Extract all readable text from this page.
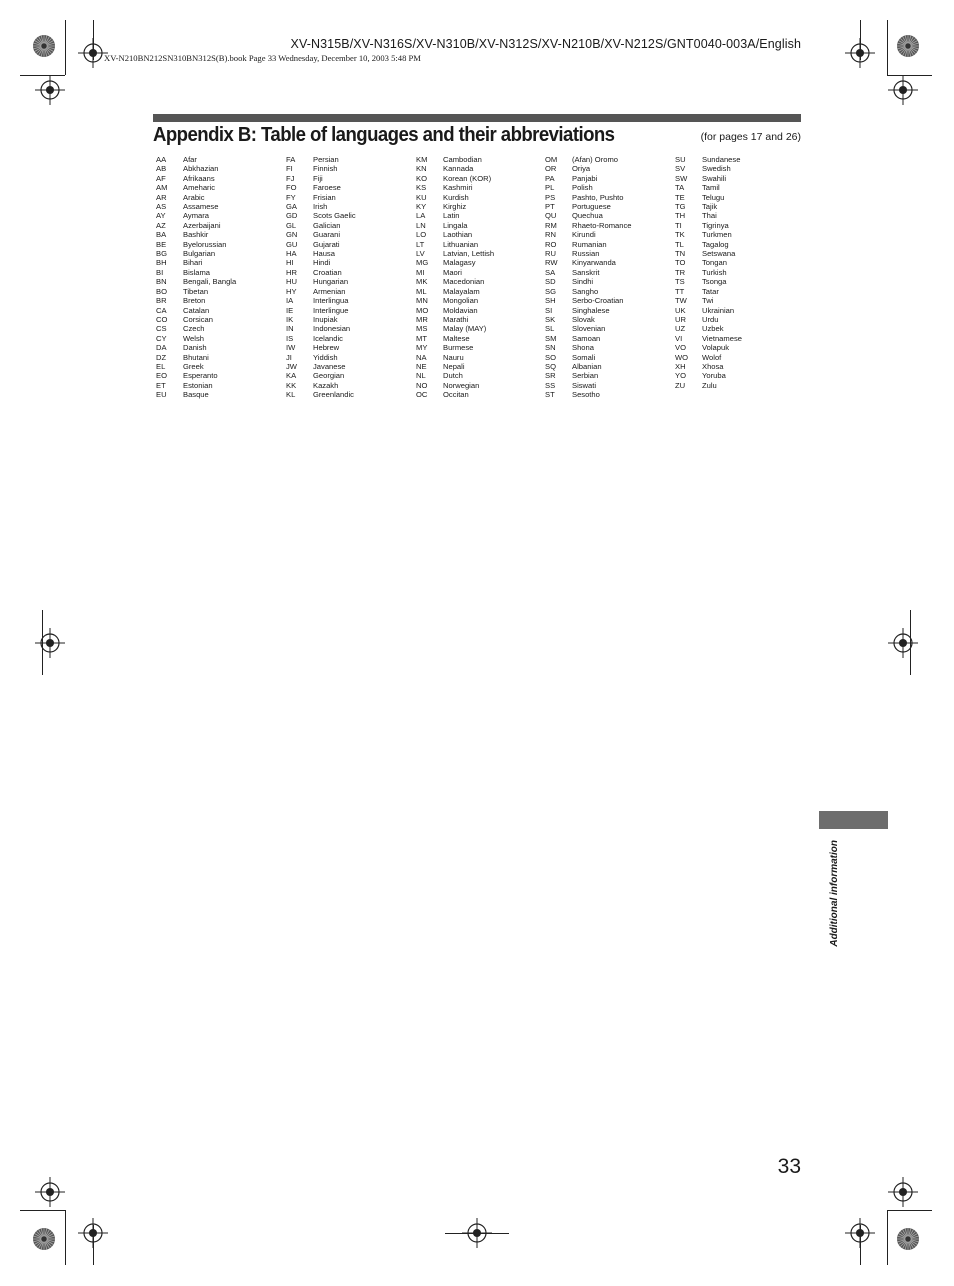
XV-N315B/XV-N316S/XV-N310B/XV-N312S/XV-N210B/XV-N212S/GNT0040-003A/English
XV-N210BN212SN310BN312S(B).book Page 33 Wednesday, December 10, 2003 5:48 PM
Appendix B: Table of languages and their abbreviations	(for pages 17 and 26)
AA Afar
AB Abkhazian
AF Afrikaans
AM Ameharic
AR Arabic
AS Assamese
AY Aymara
AZ Azerbaijani
BA Bashkir
BE Byelorussian
BG Bulgarian
BH Bihari
BI	Bislama
BN Bengali, Bangla
BO Tibetan
BR Breton
CA Catalan
CO Corsican
CS Czech
CY Welsh
DA Danish
DZ Bhutani
EL Greek
EO Esperanto
ET Estonian
EU Basque
FA Persian
FI	Finnish
FJ Fiji
FO Faroese
FY Frisian
GA Irish
GD Scots Gaelic
GL Galician
GN Guarani
GU Gujarati
HA Hausa
HI	Hindi
HR Croatian
HU Hungarian
HY Armenian
IA	Interlingua
IE	Interlingue
IK	Inupiak
IN	Indonesian
IS	Icelandic
IW Hebrew
JI	Yiddish
JW Javanese
KA Georgian
KK Kazakh
KL Greenlandic
KM Cambodian
KN Kannada
KO Korean (KOR)
KS Kashmiri
KU Kurdish
KY Kirghiz
LA Latin
LN Lingala
LO Laothian
LT Lithuanian
LV Latvian, Lettish
MG Malagasy
MI Maori
MK Macedonian
ML Malayalam
MN Mongolian
MO Moldavian
MR Marathi
MS Malay (MAY)
MT Maltese
MY Burmese
NA Nauru
NE Nepali
NL Dutch
NO Norwegian
OC Occitan
OM (Afan) Oromo
OR Oriya
PA Panjabi
PL Polish
PS Pashto, Pushto
PT Portuguese
QU Quechua
RM Rhaeto-Romance
RN Kirundi
RO Rumanian
RU Russian
RW Kinyarwanda
SA Sanskrit
SD Sindhi
SG Sangho
SH Serbo-Croatian
SI	Singhalese
SK Slovak
SL Slovenian
SM Samoan
SN Shona
SO Somali
SQ Albanian
SR Serbian
SS Siswati
ST Sesotho
SU Sundanese
SV Swedish
SW Swahili
TA Tamil
TE Telugu
TG Tajik
TH Thai
TI	Tigrinya
TK Turkmen
TL Tagalog
TN Setswana
TO Tongan
TR Turkish
TS Tsonga
TT Tatar
TW Twi
UK Ukrainian
UR Urdu
UZ Uzbek
VI	Vietnamese
VO Volapuk
WO Wolof
XH Xhosa
YO Yoruba
ZU Zulu
Additional information
33
